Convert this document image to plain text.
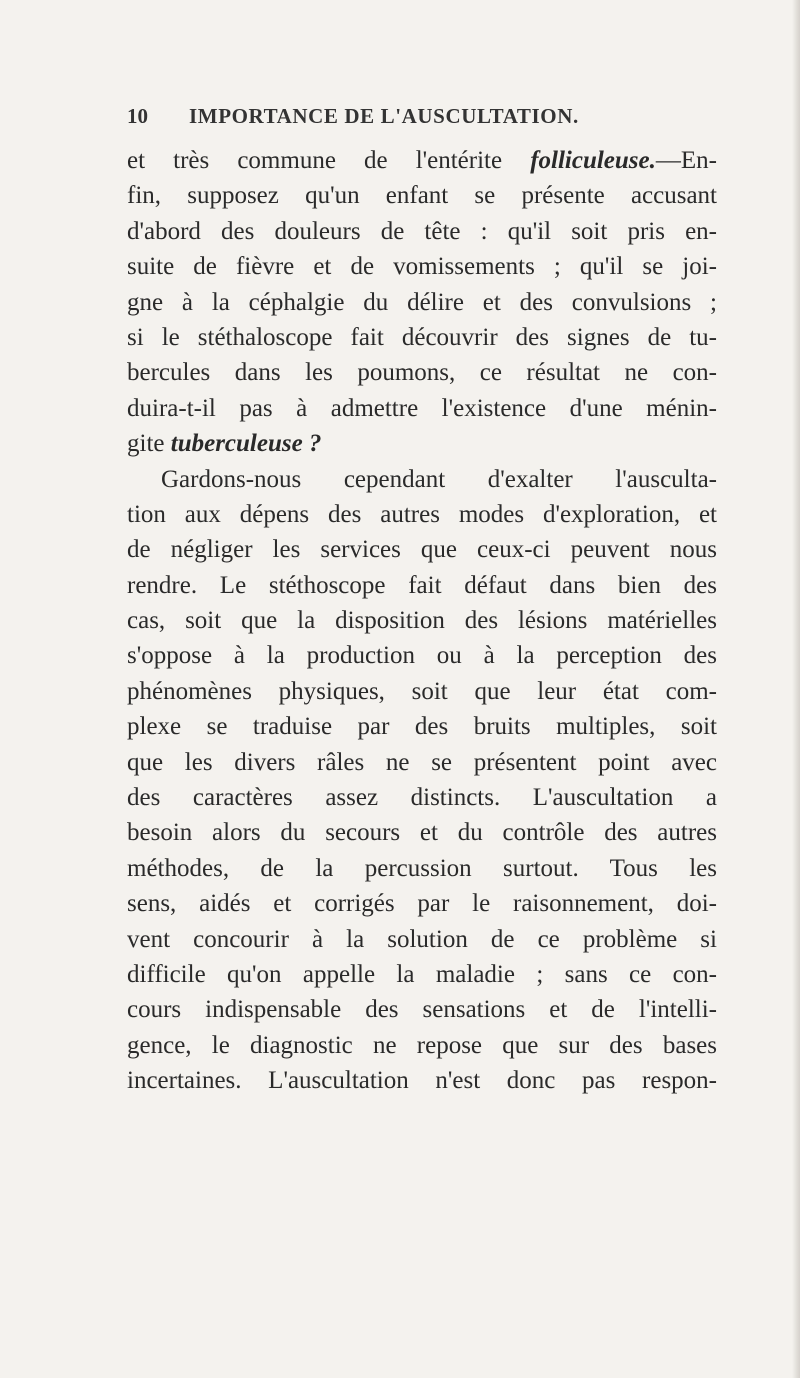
10 IMPORTANCE DE L'AUSCULTATION.
et très commune de l'entérite folliculeuse.—En-
fin, supposez qu'un enfant se présente accusant
d'abord des douleurs de tête : qu'il soit pris en-
suite de fièvre et de vomissements ; qu'il se joi-
gne à la céphalgie du délire et des convulsions ;
si le stéthaloscope fait découvrir des signes de tu-
bercules dans les poumons, ce résultat ne con-
duira-t-il pas à admettre l'existence d'une ménin-
gite tuberculeuse ?
Gardons-nous cependant d'exalter l'ausculta-
tion aux dépens des autres modes d'exploration, et
de négliger les services que ceux-ci peuvent nous
rendre. Le stéthoscope fait défaut dans bien des
cas, soit que la disposition des lésions matérielles
s'oppose à la production ou à la perception des
phénomènes physiques, soit que leur état com-
plexe se traduise par des bruits multiples, soit
que les divers râles ne se présentent point avec
des caractères assez distincts. L'auscultation a
besoin alors du secours et du contrôle des autres
méthodes, de la percussion surtout. Tous les
sens, aidés et corrigés par le raisonnement, doi-
vent concourir à la solution de ce problème si
difficile qu'on appelle la maladie ; sans ce con-
cours indispensable des sensations et de l'intelli-
gence, le diagnostic ne repose que sur des bases
incertaines. L'auscultation n'est donc pas respon-
